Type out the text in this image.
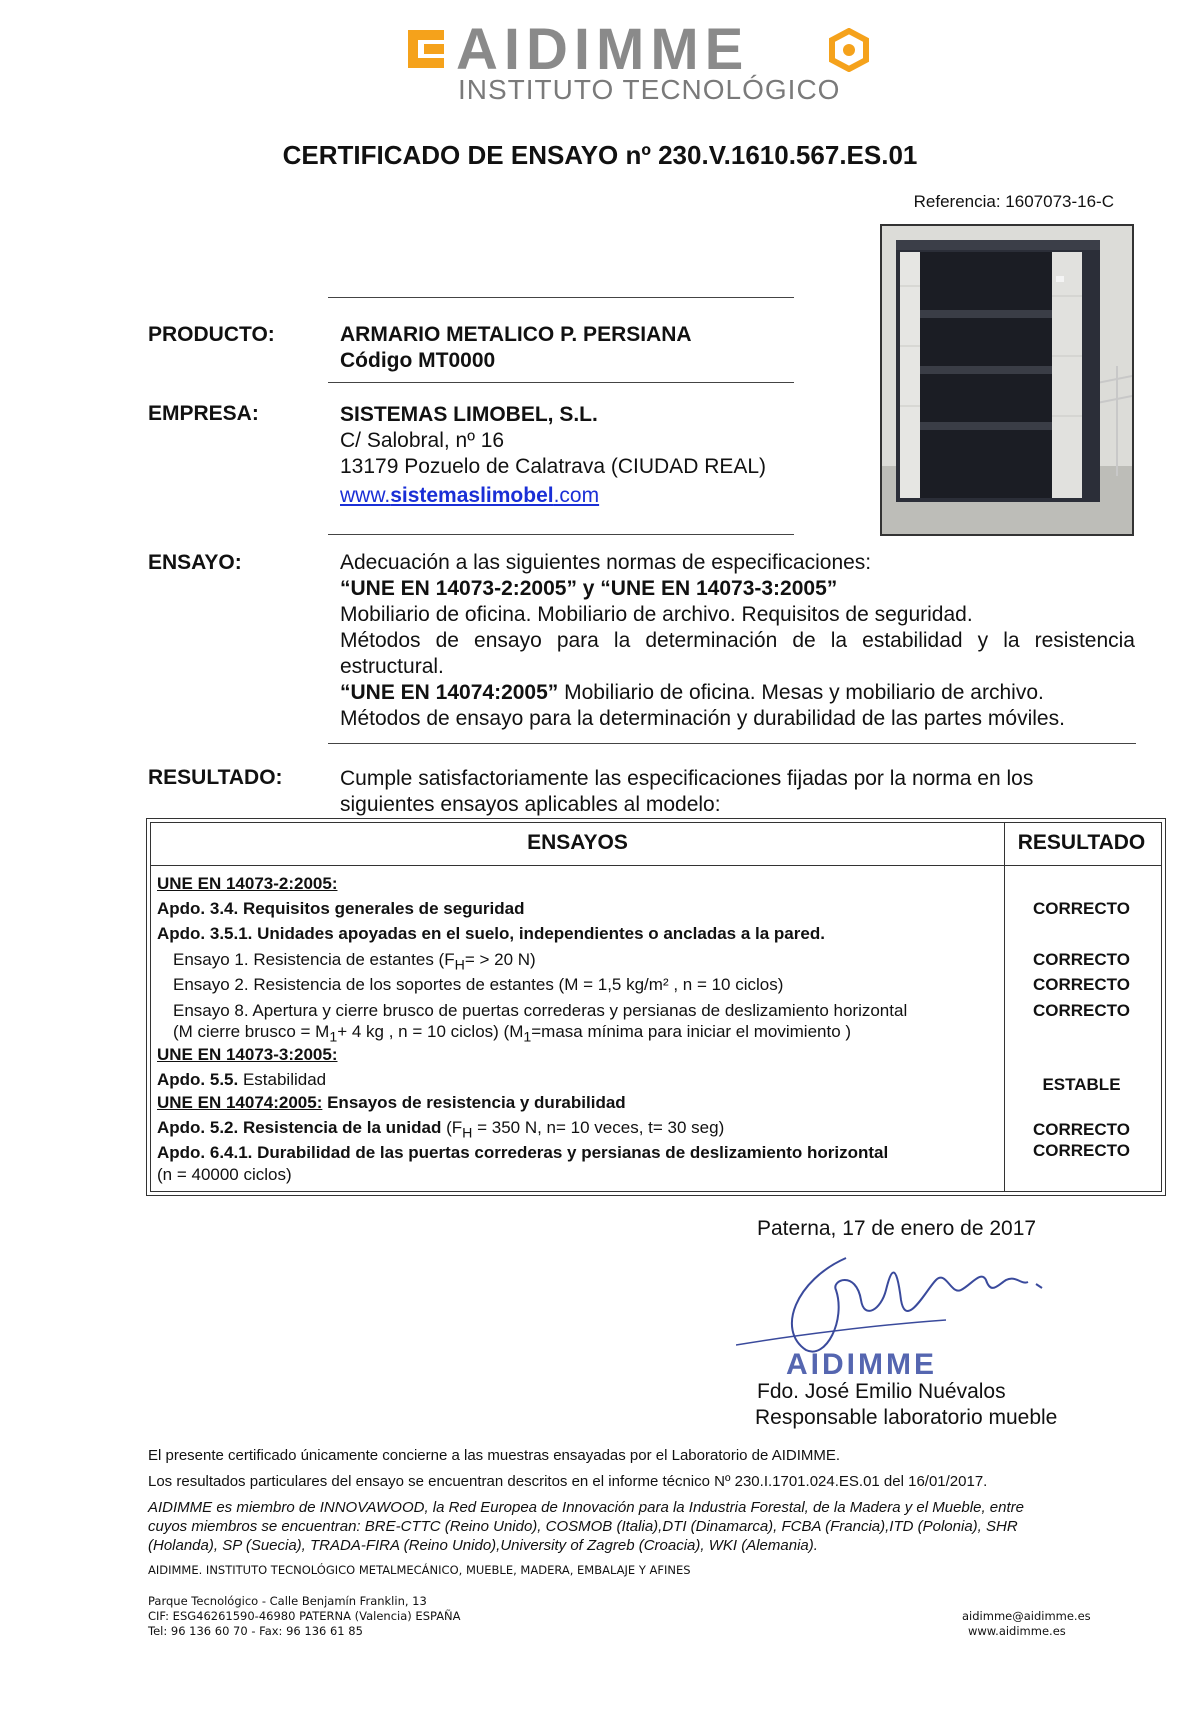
AIDIMME
INSTITUTO TECNOLÓGICO
CERTIFICADO DE ENSAYO nº 230.V.1610.567.ES.01
Referencia: 1607073-16-C
PRODUCTO:	ARMARIO METALICO P. PERSIANA
Código MT0000
EMPRESA:	SISTEMAS LIMOBEL, S.L.
C/ Salobral, nº 16
13179 Pozuelo de Calatrava (CIUDAD REAL)
www.sistemaslimobel.com
ENSAYO:	Adecuación a las siguientes normas de especificaciones:

“UNE EN 14073-2:2005” y “UNE EN 14073-3:2005”

Mobiliario de oficina. Mobiliario de archivo. Requisitos de seguridad.

Métodos de ensayo para la determinación de la estabilidad y la resistencia estructural.

“UNE EN 14074:2005” Mobiliario de oficina. Mesas y mobiliario de archivo.

Métodos de ensayo para la determinación y durabilidad de las partes móviles.

RESULTADO:	Cumple satisfactoriamente las especificaciones fijadas por la norma en los
siguientes ensayos aplicables al modelo:
ENSAYOS	RESULTADO
UNE EN 14073-2:2005:
Apdo. 3.4. Requisitos generales de seguridad	CORRECTO
Apdo. 3.5.1. Unidades apoyadas en el suelo, independientes o ancladas a la pared.
Ensayo 1. Resistencia de estantes ($F_H= > 20$ N)	CORRECTO
Ensayo 2. Resistencia de los soportes de estantes (M = 1,5 kg/m² , n = 10 ciclos)	CORRECTO
Ensayo 8. Apertura y cierre brusco de puertas correderas y persianas de deslizamiento horizontal	CORRECTO
(M cierre brusco = $M_1+ 4$ kg , n = 10 ciclos) ($M_1=masa$ mínima para iniciar el movimiento )
UNE EN 14073-3:2005:
Apdo. 5.5. Estabilidad	ESTABLE
UNE EN 14074:2005: Ensayos de resistencia y durabilidad
Apdo. 5.2. Resistencia de la unidad ($F_H = 350$ N, n= 10 veces, t= 30 seg)	CORRECTO
Apdo. 6.4.1. Durabilidad de las puertas correderas y persianas de deslizamiento horizontal	CORRECTO
(n = 40000 ciclos)
Paterna, 17 de enero de 2017
AIDIMME
Fdo. José Emilio Nuévalos
Responsable laboratorio mueble
El presente certificado únicamente concierne a las muestras ensayadas por el Laboratorio de AIDIMME.
Los resultados particulares del ensayo se encuentran descritos en el informe técnico Nº 230.I.1701.024.ES.01 del 16/01/2017.
AIDIMME es miembro de INNOVAWOOD, la Red Europea de Innovación para la Industria Forestal, de la Madera y el Mueble, entre
cuyos miembros se encuentran: BRE-CTTC (Reino Unido), COSMOB (Italia),DTI (Dinamarca), FCBA (Francia),ITD (Polonia), SHR
(Holanda), SP (Suecia), TRADA-FIRA (Reino Unido),University of Zagreb (Croacia), WKI (Alemania).
AIDIMME. INSTITUTO TECNOLÓGICO METALMECÁNICO, MUEBLE, MADERA, EMBALAJE Y AFINES
Parque Tecnológico - Calle Benjamín Franklin, 13
CIF: ESG46261590-46980 PATERNA (Valencia) ESPAÑA
Tel: 96 136 60 70 - Fax: 96 136 61 85
aidimme@aidimme.es
www.aidimme.es
